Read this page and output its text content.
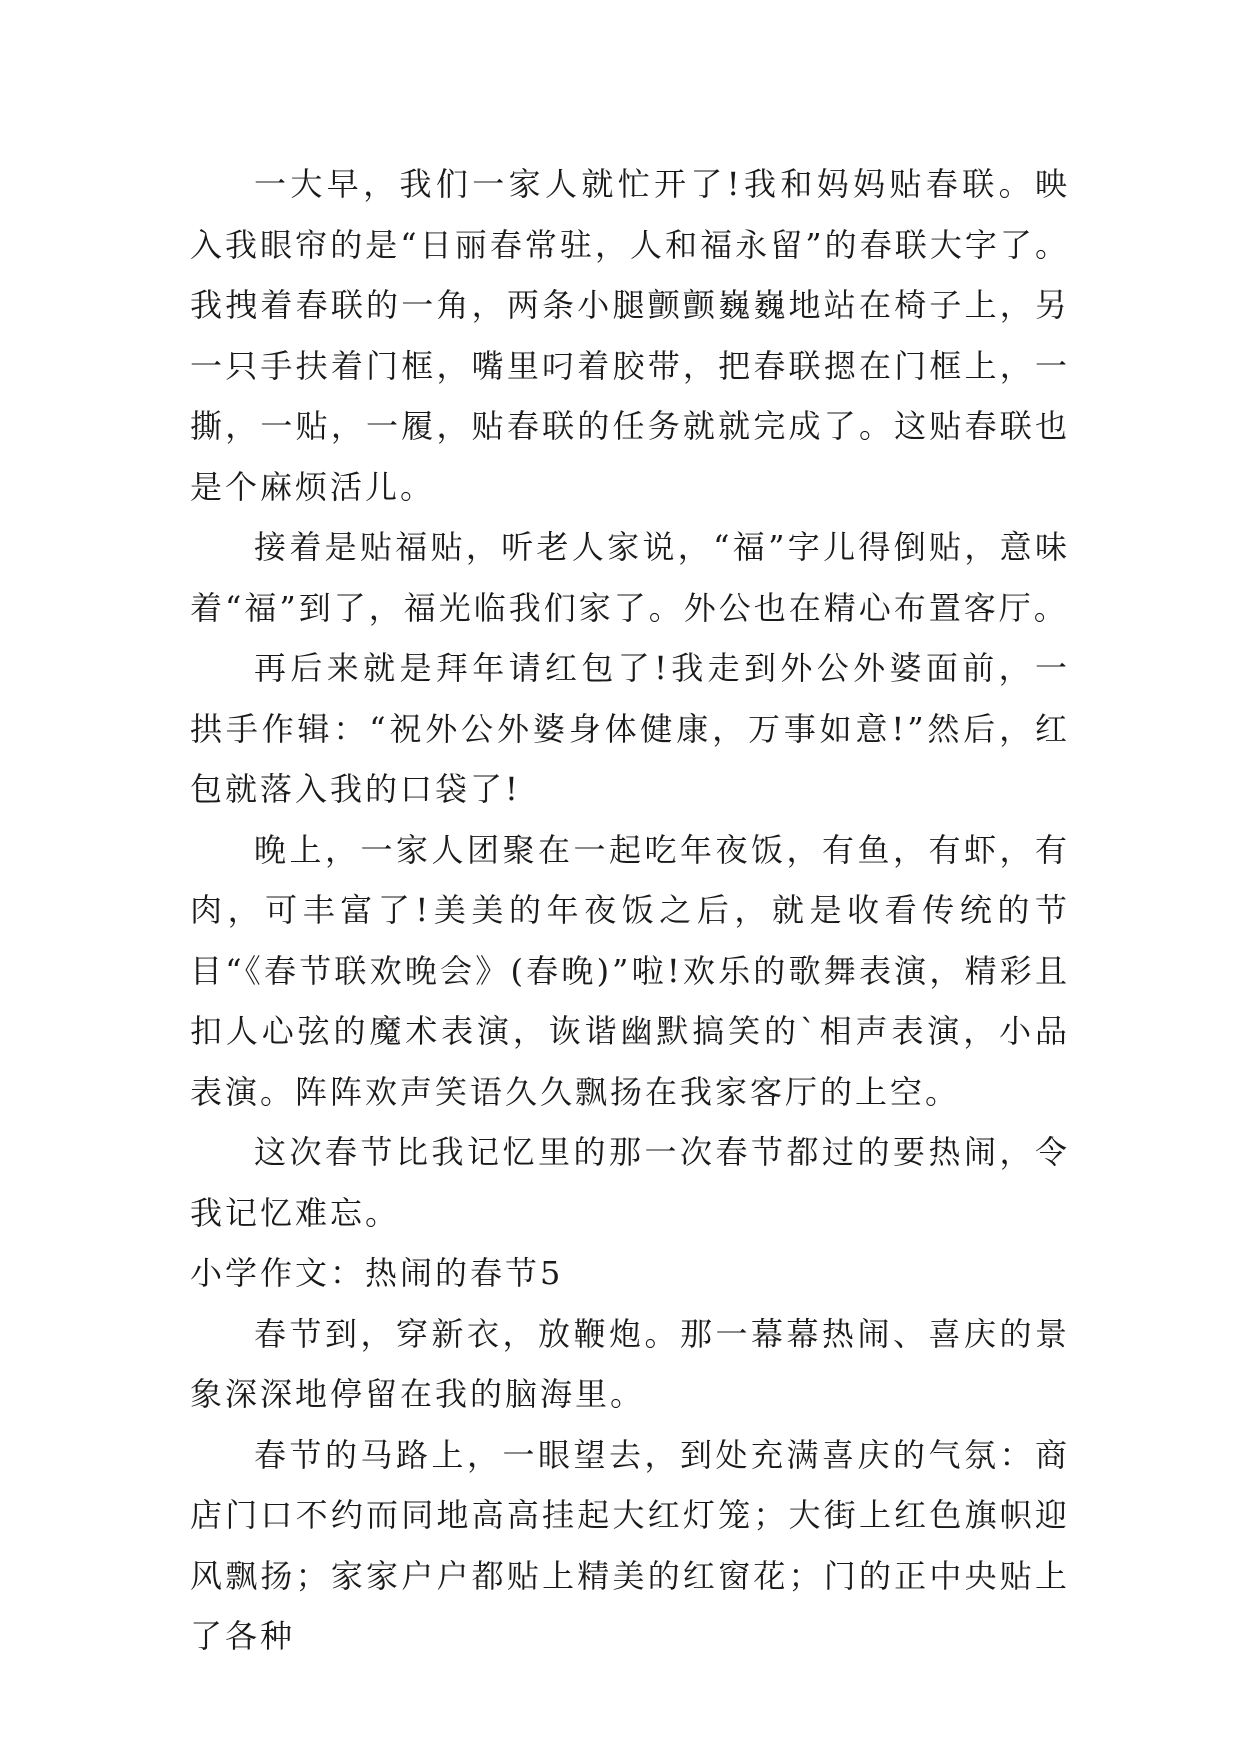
一大早，我们一家人就忙开了!我和妈妈贴春联。映入我眼帘的是“日丽春常驻，人和福永留”的春联大字了。我拽着春联的一角，两条小腿颤颤巍巍地站在椅子上，另一只手扶着门框，嘴里叼着胶带，把春联摁在门框上，一撕，一贴，一履，贴春联的任务就就完成了。这贴春联也是个麻烦活儿。

接着是贴福贴，听老人家说，“福”字儿得倒贴，意味着“福”到了，福光临我们家了。外公也在精心布置客厅。

再后来就是拜年请红包了!我走到外公外婆面前，一拱手作辑：“祝外公外婆身体健康，万事如意!”然后，红包就落入我的口袋了!

晚上，一家人团聚在一起吃年夜饭，有鱼，有虾，有肉，可丰富了!美美的年夜饭之后，就是收看传统的节目“《春节联欢晚会》(春晚)”啦!欢乐的歌舞表演，精彩且扣人心弦的魔术表演，诙谐幽默搞笑的`相声表演，小品表演。阵阵欢声笑语久久飘扬在我家客厅的上空。

这次春节比我记忆里的那一次春节都过的要热闹，令我记忆难忘。

小学作文：热闹的春节5

春节到，穿新衣，放鞭炮。那一幕幕热闹、喜庆的景象深深地停留在我的脑海里。

春节的马路上，一眼望去，到处充满喜庆的气氛：商店门口不约而同地高高挂起大红灯笼；大街上红色旗帜迎风飘扬；家家户户都贴上精美的红窗花；门的正中央贴上了各种
